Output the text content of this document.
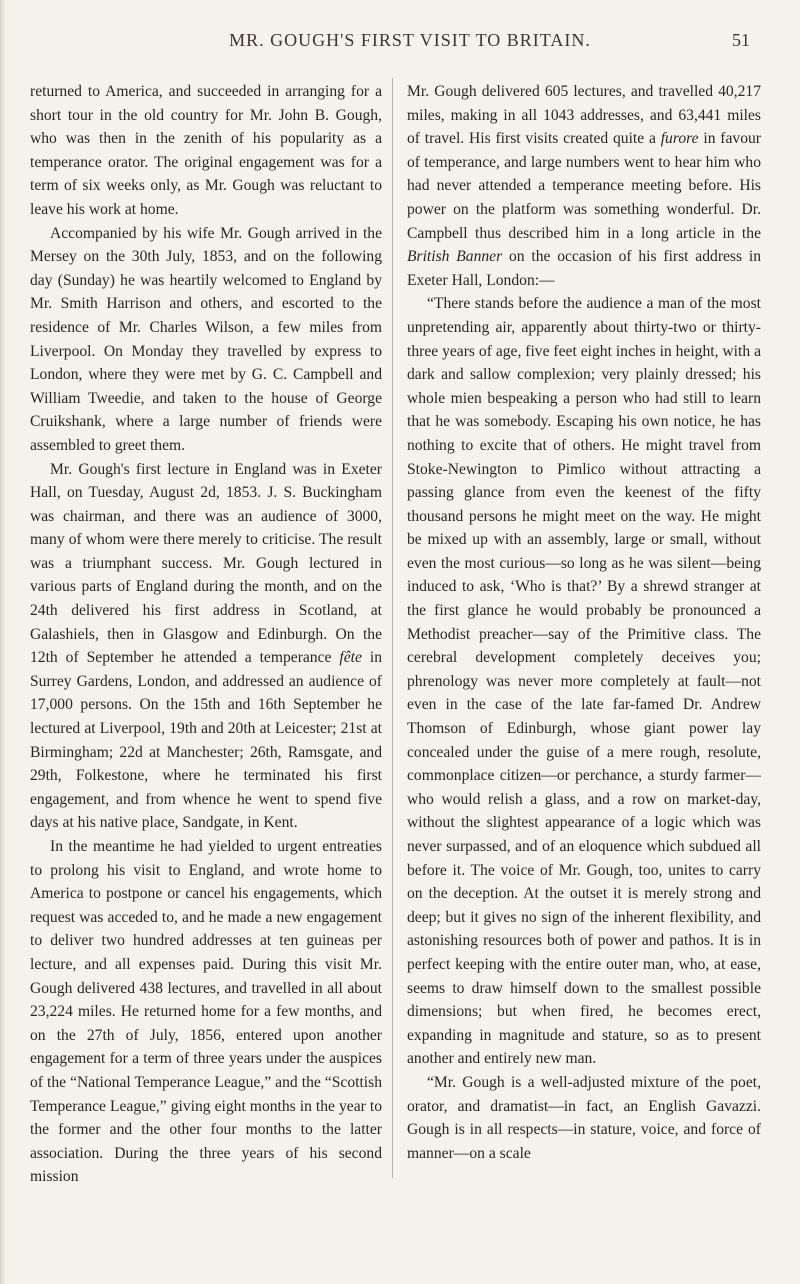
MR. GOUGH'S FIRST VISIT TO BRITAIN.	51

returned to America, and succeeded in arranging for a short tour in the old country for Mr. John B. Gough, who was then in the zenith of his popularity as a temperance orator. The original engagement was for a term of six weeks only, as Mr. Gough was reluctant to leave his work at home.

Accompanied by his wife Mr. Gough arrived in the Mersey on the 30th July, 1853, and on the following day (Sunday) he was heartily welcomed to England by Mr. Smith Harrison and others, and escorted to the residence of Mr. Charles Wilson, a few miles from Liverpool. On Monday they travelled by express to London, where they were met by G. C. Campbell and William Tweedie, and taken to the house of George Cruikshank, where a large number of friends were assembled to greet them.

Mr. Gough's first lecture in England was in Exeter Hall, on Tuesday, August 2d, 1853. J. S. Buckingham was chairman, and there was an audience of 3000, many of whom were there merely to criticise. The result was a triumphant success. Mr. Gough lectured in various parts of England during the month, and on the 24th delivered his first address in Scotland, at Galashiels, then in Glasgow and Edinburgh. On the 12th of September he attended a temperance fête in Surrey Gardens, London, and addressed an audience of 17,000 persons. On the 15th and 16th September he lectured at Liverpool, 19th and 20th at Leicester; 21st at Birmingham; 22d at Manchester; 26th, Ramsgate, and 29th, Folkestone, where he terminated his first engagement, and from whence he went to spend five days at his native place, Sandgate, in Kent.

In the meantime he had yielded to urgent entreaties to prolong his visit to England, and wrote home to America to postpone or cancel his engagements, which request was acceded to, and he made a new engagement to deliver two hundred addresses at ten guineas per lecture, and all expenses paid. During this visit Mr. Gough delivered 438 lectures, and travelled in all about 23,224 miles. He returned home for a few months, and on the 27th of July, 1856, entered upon another engagement for a term of three years under the auspices of the “National Temperance League,” and the “Scottish Temperance League,” giving eight months in the year to the former and the other four months to the latter association. During the three years of his second mission

Mr. Gough delivered 605 lectures, and travelled 40,217 miles, making in all 1043 addresses, and 63,441 miles of travel. His first visits created quite a furore in favour of temperance, and large numbers went to hear him who had never attended a temperance meeting before. His power on the platform was something wonderful. Dr. Campbell thus described him in a long article in the British Banner on the occasion of his first address in Exeter Hall, London:—

“There stands before the audience a man of the most unpretending air, apparently about thirty-two or thirty-three years of age, five feet eight inches in height, with a dark and sallow complexion; very plainly dressed; his whole mien bespeaking a person who had still to learn that he was somebody. Escaping his own notice, he has nothing to excite that of others. He might travel from Stoke-Newington to Pimlico without attracting a passing glance from even the keenest of the fifty thousand persons he might meet on the way. He might be mixed up with an assembly, large or small, without even the most curious—so long as he was silent—being induced to ask, ‘Who is that?’ By a shrewd stranger at the first glance he would probably be pronounced a Methodist preacher—say of the Primitive class. The cerebral development completely deceives you; phrenology was never more completely at fault—not even in the case of the late far-famed Dr. Andrew Thomson of Edinburgh, whose giant power lay concealed under the guise of a mere rough, resolute, commonplace citizen—or perchance, a sturdy farmer—who would relish a glass, and a row on market-day, without the slightest appearance of a logic which was never surpassed, and of an eloquence which subdued all before it. The voice of Mr. Gough, too, unites to carry on the deception. At the outset it is merely strong and deep; but it gives no sign of the inherent flexibility, and astonishing resources both of power and pathos. It is in perfect keeping with the entire outer man, who, at ease, seems to draw himself down to the smallest possible dimensions; but when fired, he becomes erect, expanding in magnitude and stature, so as to present another and entirely new man.

“Mr. Gough is a well-adjusted mixture of the poet, orator, and dramatist—in fact, an English Gavazzi. Gough is in all respects—in stature, voice, and force of manner—on a scale
